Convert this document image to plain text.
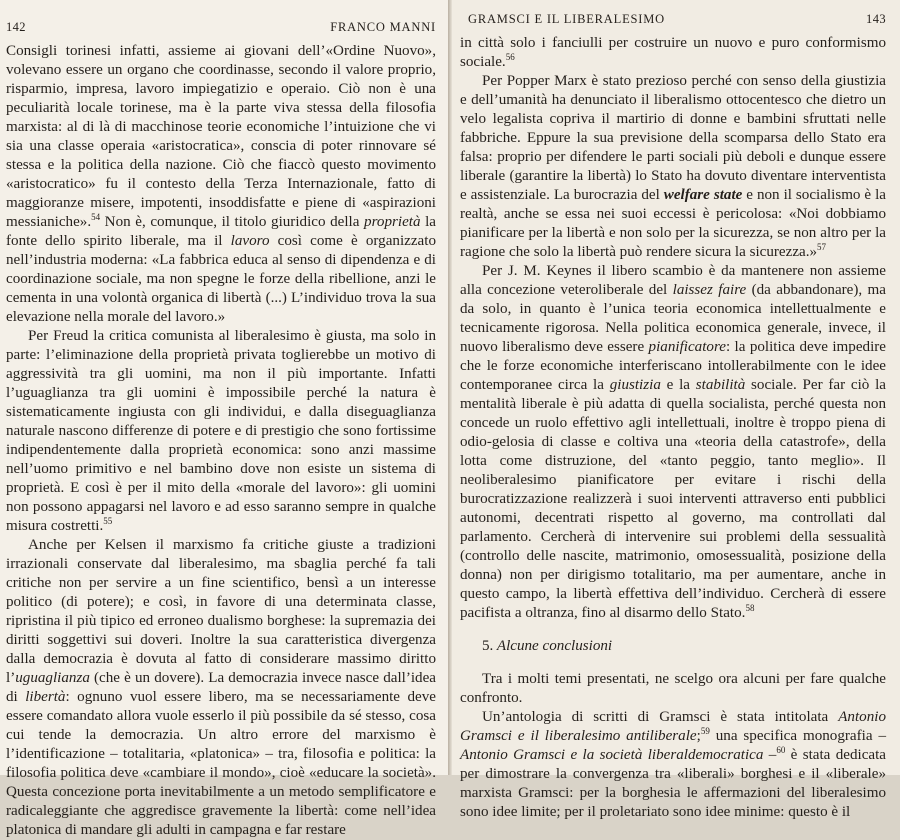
142	FRANCO MANNI

Consigli torinesi infatti, assieme ai giovani dell’«Ordine Nuovo», volevano essere un organo che coordinasse, secondo il valore proprio, risparmio, impresa, lavoro impiegatizio e operaio. Ciò non è una peculiarità locale torinese, ma è la parte viva stessa della filosofia marxista: al di là di macchinose teorie economiche l’intuizione che vi sia una classe operaia «aristocratica», conscia di poter rinnovare sé stessa e la politica della nazione. Ciò che fiaccò questo movimento «aristocratico» fu il contesto della Terza Internazionale, fatto di maggioranze misere, impotenti, insoddisfatte e piene di «aspirazioni messianiche».$^{54}$ Non è, comunque, il titolo giuridico della proprietà la fonte dello spirito liberale, ma il lavoro così come è organizzato nell’industria moderna: «La fabbrica educa al senso di dipendenza e di coordinazione sociale, ma non spegne le forze della ribellione, anzi le cementa in una volontà organica di libertà (...) L’individuo trova la sua elevazione nella morale del lavoro.»

Per Freud la critica comunista al liberalesimo è giusta, ma solo in parte: l’eliminazione della proprietà privata toglierebbe un motivo di aggressività tra gli uomini, ma non il più importante. Infatti l’uguaglianza tra gli uomini è impossibile perché la natura è sistematicamente ingiusta con gli individui, e dalla diseguaglianza naturale nascono differenze di potere e di prestigio che sono fortissime indipendentemente dalla proprietà economica: sono anzi massime nell’uomo primitivo e nel bambino dove non esiste un sistema di proprietà. E così è per il mito della «morale del lavoro»: gli uomini non possono appagarsi nel lavoro e ad esso saranno sempre in qualche misura costretti.$^{55}$

Anche per Kelsen il marxismo fa critiche giuste a tradizioni irrazionali conservate dal liberalesimo, ma sbaglia perché fa tali critiche non per servire a un fine scientifico, bensì a un interesse politico (di potere); e così, in favore di una determinata classe, ripristina il più tipico ed erroneo dualismo borghese: la supremazia dei diritti soggettivi sui doveri. Inoltre la sua caratteristica divergenza dalla democrazia è dovuta al fatto di considerare massimo diritto l’uguaglianza (che è un dovere). La democrazia invece nasce dall’idea di libertà: ognuno vuol essere libero, ma se necessariamente deve essere comandato allora vuole esserlo il più possibile da sé stesso, cosa cui tende la democrazia. Un altro errore del marxismo è l’identificazione – totalitaria, «platonica» – tra, filosofia e politica: la filosofia politica deve «cambiare il mondo», cioè «educare la società». Questa concezione porta inevitabilmente a un metodo semplificatore e radicaleggiante che aggredisce gravemente la libertà: come nell’idea platonica di mandare gli adulti in campagna e far restare

GRAMSCI E IL LIBERALESIMO	143

in città solo i fanciulli per costruire un nuovo e puro conformismo sociale.$^{56}$

Per Popper Marx è stato prezioso perché con senso della giustizia e dell’umanità ha denunciato il liberalismo ottocentesco che dietro un velo legalista copriva il martirio di donne e bambini sfruttati nelle fabbriche. Eppure la sua previsione della scomparsa dello Stato era falsa: proprio per difendere le parti sociali più deboli e dunque essere liberale (garantire la libertà) lo Stato ha dovuto diventare interventista e assistenziale. La burocrazia del welfare state e non il socialismo è la realtà, anche se essa nei suoi eccessi è pericolosa: «Noi dobbiamo pianificare per la libertà e non solo per la sicurezza, se non altro per la ragione che solo la libertà può rendere sicura la sicurezza.»$^{57}$

Per J. M. Keynes il libero scambio è da mantenere non assieme alla concezione veteroliberale del laissez faire (da abbandonare), ma da solo, in quanto è l’unica teoria economica intellettualmente e tecnicamente rigorosa. Nella politica economica generale, invece, il nuovo liberalismo deve essere pianificatore: la politica deve impedire che le forze economiche interferiscano intollerabilmente con le idee contemporanee circa la giustizia e la stabilità sociale. Per far ciò la mentalità liberale è più adatta di quella socialista, perché questa non concede un ruolo effettivo agli intellettuali, inoltre è troppo piena di odio-gelosia di classe e coltiva una «teoria della catastrofe», della lotta come distruzione, del «tanto peggio, tanto meglio». Il neoliberalesimo pianificatore per evitare i rischi della burocratizzazione realizzerà i suoi interventi attraverso enti pubblici autonomi, decentrati rispetto al governo, ma controllati dal parlamento. Cercherà di intervenire sui problemi della sessualità (controllo delle nascite, matrimonio, omosessualità, posizione della donna) non per dirigismo totalitario, ma per aumentare, anche in questo campo, la libertà effettiva dell’individuo. Cercherà di essere pacifista a oltranza, fino al disarmo dello Stato.$^{58}$

5. Alcune conclusioni

Tra i molti temi presentati, ne scelgo ora alcuni per fare qualche confronto.

Un’antologia di scritti di Gramsci è stata intitolata Antonio Gramsci e il liberalesimo antiliberale;$^{59}$ una specifica monografia – Antonio Gramsci e la società liberaldemocratica –$^{60}$ è stata dedicata per dimostrare la convergenza tra «liberali» borghesi e il «liberale» marxista Gramsci: per la borghesia le affermazioni del liberalesimo sono idee limite; per il proletariato sono idee minime: questo è il
